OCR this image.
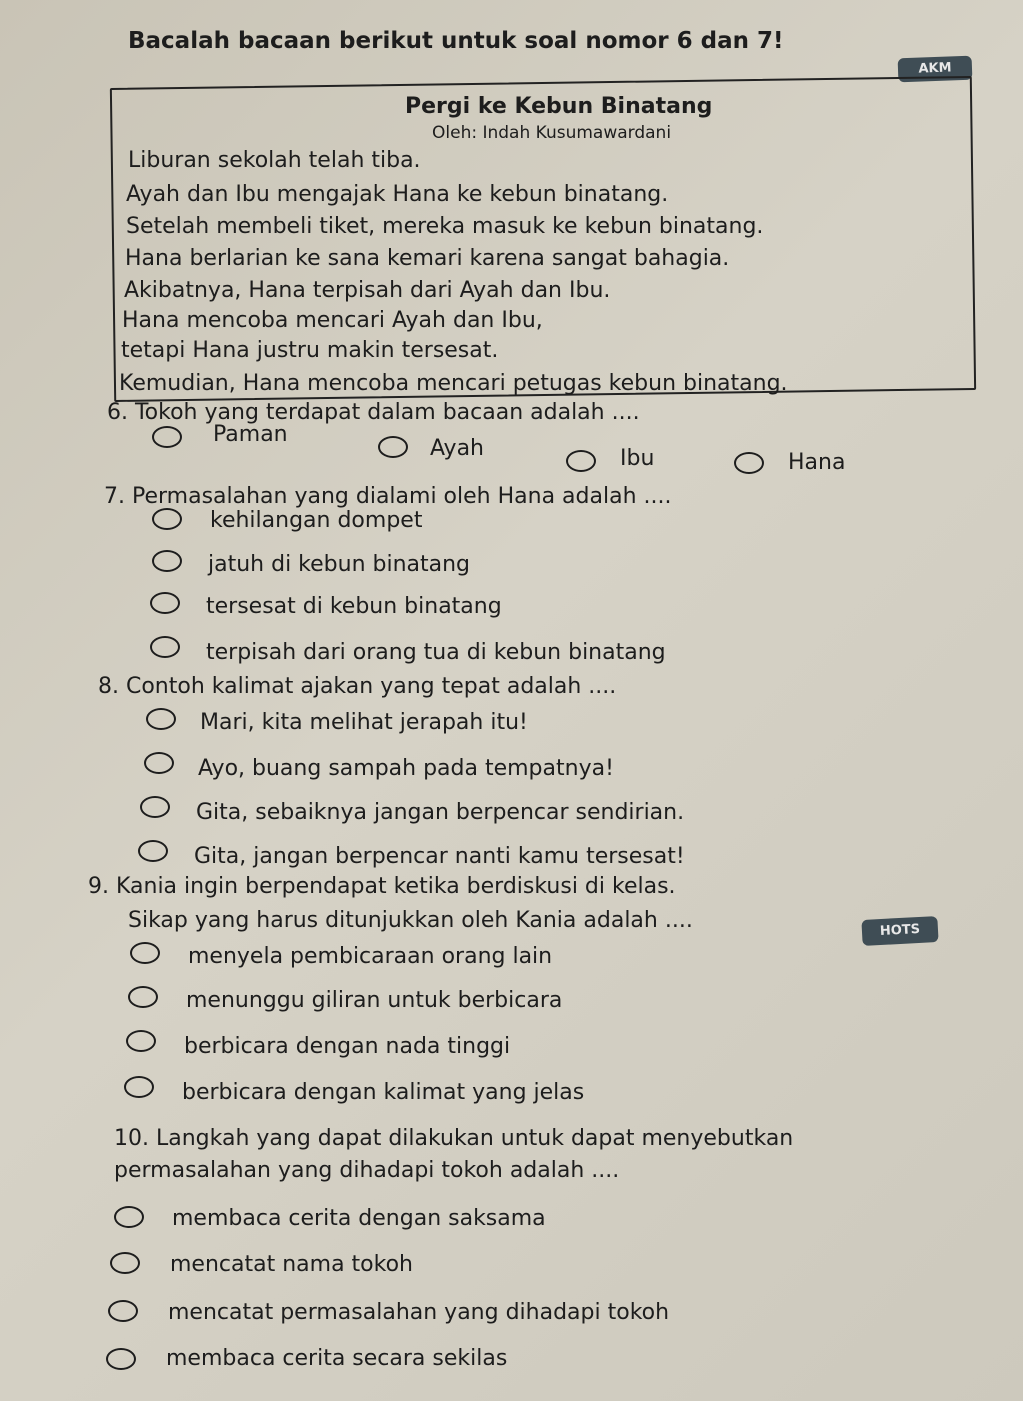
Bacalah bacaan berikut untuk soal nomor 6 dan 7!
AKM
Pergi ke Kebun Binatang
Oleh: Indah Kusumawardani
Liburan sekolah telah tiba.
Ayah dan Ibu mengajak Hana ke kebun binatang.
Setelah membeli tiket, mereka masuk ke kebun binatang.
Hana berlarian ke sana kemari karena sangat bahagia.
Akibatnya, Hana terpisah dari Ayah dan Ibu.
Hana mencoba mencari Ayah dan Ibu,
tetapi Hana justru makin tersesat.
Kemudian, Hana mencoba mencari petugas kebun binatang.
6. Tokoh yang terdapat dalam bacaan adalah ....
Paman
Ayah	Ibu	Hana
7. Permasalahan yang dialami oleh Hana adalah ....
kehilangan dompet
jatuh di kebun binatang
tersesat di kebun binatang
terpisah dari orang tua di kebun binatang
8. Contoh kalimat ajakan yang tepat adalah ....
Mari, kita melihat jerapah itu!
Ayo, buang sampah pada tempatnya!
Gita, sebaiknya jangan berpencar sendirian.
Gita, jangan berpencar nanti kamu tersesat!
9. Kania ingin berpendapat ketika berdiskusi di kelas.
Sikap yang harus ditunjukkan oleh Kania adalah ....	HOTS
menyela pembicaraan orang lain
menunggu giliran untuk berbicara
berbicara dengan nada tinggi
berbicara dengan kalimat yang jelas
10. Langkah yang dapat dilakukan untuk dapat menyebutkan
permasalahan yang dihadapi tokoh adalah ....
membaca cerita dengan saksama
mencatat nama tokoh
mencatat permasalahan yang dihadapi tokoh
membaca cerita secara sekilas
